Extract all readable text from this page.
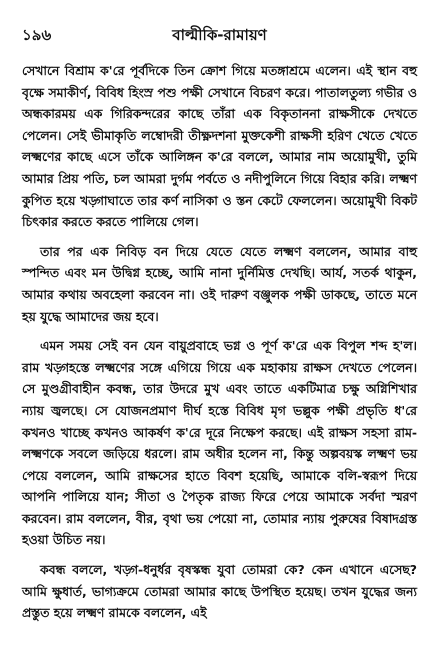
১৯৬	বাল্মীকি-রামায়ণ

সেখানে বিশ্রাম ক'রে পূর্বদিকে তিন ক্রোশ গিয়ে মতঙ্গাশ্রমে এলেন। এই স্থান বহু বৃক্ষে সমাকীর্ণ, বিবিধ হিংস্র পশু পক্ষী সেখানে বিচরণ করে। পাতালতুল্য গভীর ও অন্ধকারময় এক গিরিকন্দরের কাছে তাঁরা এক বিকৃতাননা রাক্ষসীকে দেখতে পেলেন। সেই ভীমাকৃতি লম্বোদরী তীক্ষ্ণদশনা মুক্তকেশী রাক্ষসী হরিণ খেতে খেতে লক্ষ্মণের কাছে এসে তাঁকে আলিঙ্গন ক'রে বললে, আমার নাম অয়োমুখী, তুমি আমার প্রিয় পতি, চল আমরা দুর্গম পর্বতে ও নদীপুলিনে গিয়ে বিহার করি। লক্ষ্মণ কুপিত হয়ে খড়্গাঘাতে তার কর্ণ নাসিকা ও স্তন কেটে ফেললেন। অয়োমুখী বিকট চিৎকার করতে করতে পালিয়ে গেল।

তার পর এক নিবিড় বন দিয়ে যেতে যেতে লক্ষ্মণ বললেন, আমার বাহু স্পন্দিত এবং মন উদ্বিগ্ন হচ্ছে, আমি নানা দুর্নিমিত্ত দেখছি। আর্য, সতর্ক থাকুন, আমার কথায় অবহেলা করবেন না। ওই দারুণ বঞ্জুলক পক্ষী ডাকছে, তাতে মনে হয় যুদ্ধে আমাদের জয় হবে।

এমন সময় সেই বন যেন বায়ুপ্রবাহে ভগ্ন ও পূর্ণ ক'রে এক বিপুল শব্দ হ'ল। রাম খড়্গহস্তে লক্ষ্মণের সঙ্গে এগিয়ে গিয়ে এক মহাকায় রাক্ষস দেখতে পেলেন। সে মুণ্ডগ্রীবাহীন কবন্ধ, তার উদরে মুখ এবং তাতে একটিমাত্র চক্ষু অগ্নিশিখার ন্যায় জ্বলছে। সে যোজনপ্রমাণ দীর্ঘ হস্তে বিবিধ মৃগ ভল্লুক পক্ষী প্রভৃতি ধ'রে কখনও খাচ্ছে কখনও আকর্ষণ ক'রে দূরে নিক্ষেপ করছে। এই রাক্ষস সহসা রাম-লক্ষ্মণকে সবলে জড়িয়ে ধরলে। রাম অধীর হলেন না, কিন্তু অল্পবয়স্ক লক্ষ্মণ ভয় পেয়ে বললেন, আমি রাক্ষসের হাতে বিবশ হয়েছি, আমাকে বলি-স্বরূপ দিয়ে আপনি পালিয়ে যান; সীতা ও পৈতৃক রাজ্য ফিরে পেয়ে আমাকে সর্বদা স্মরণ করবেন। রাম বললেন, বীর, বৃথা ভয় পেয়ো না, তোমার ন্যায় পুরুষের বিষাদগ্রস্ত হওয়া উচিত নয়।

কবন্ধ বললে, খড়্গ-ধনুর্ধর বৃষস্কন্ধ যুবা তোমরা কে? কেন এখানে এসেছ? আমি ক্ষুধার্ত, ভাগ্যক্রমে তোমরা আমার কাছে উপস্থিত হয়েছ। তখন যুদ্ধের জন্য প্রস্তুত হয়ে লক্ষ্মণ রামকে বললেন, এই
